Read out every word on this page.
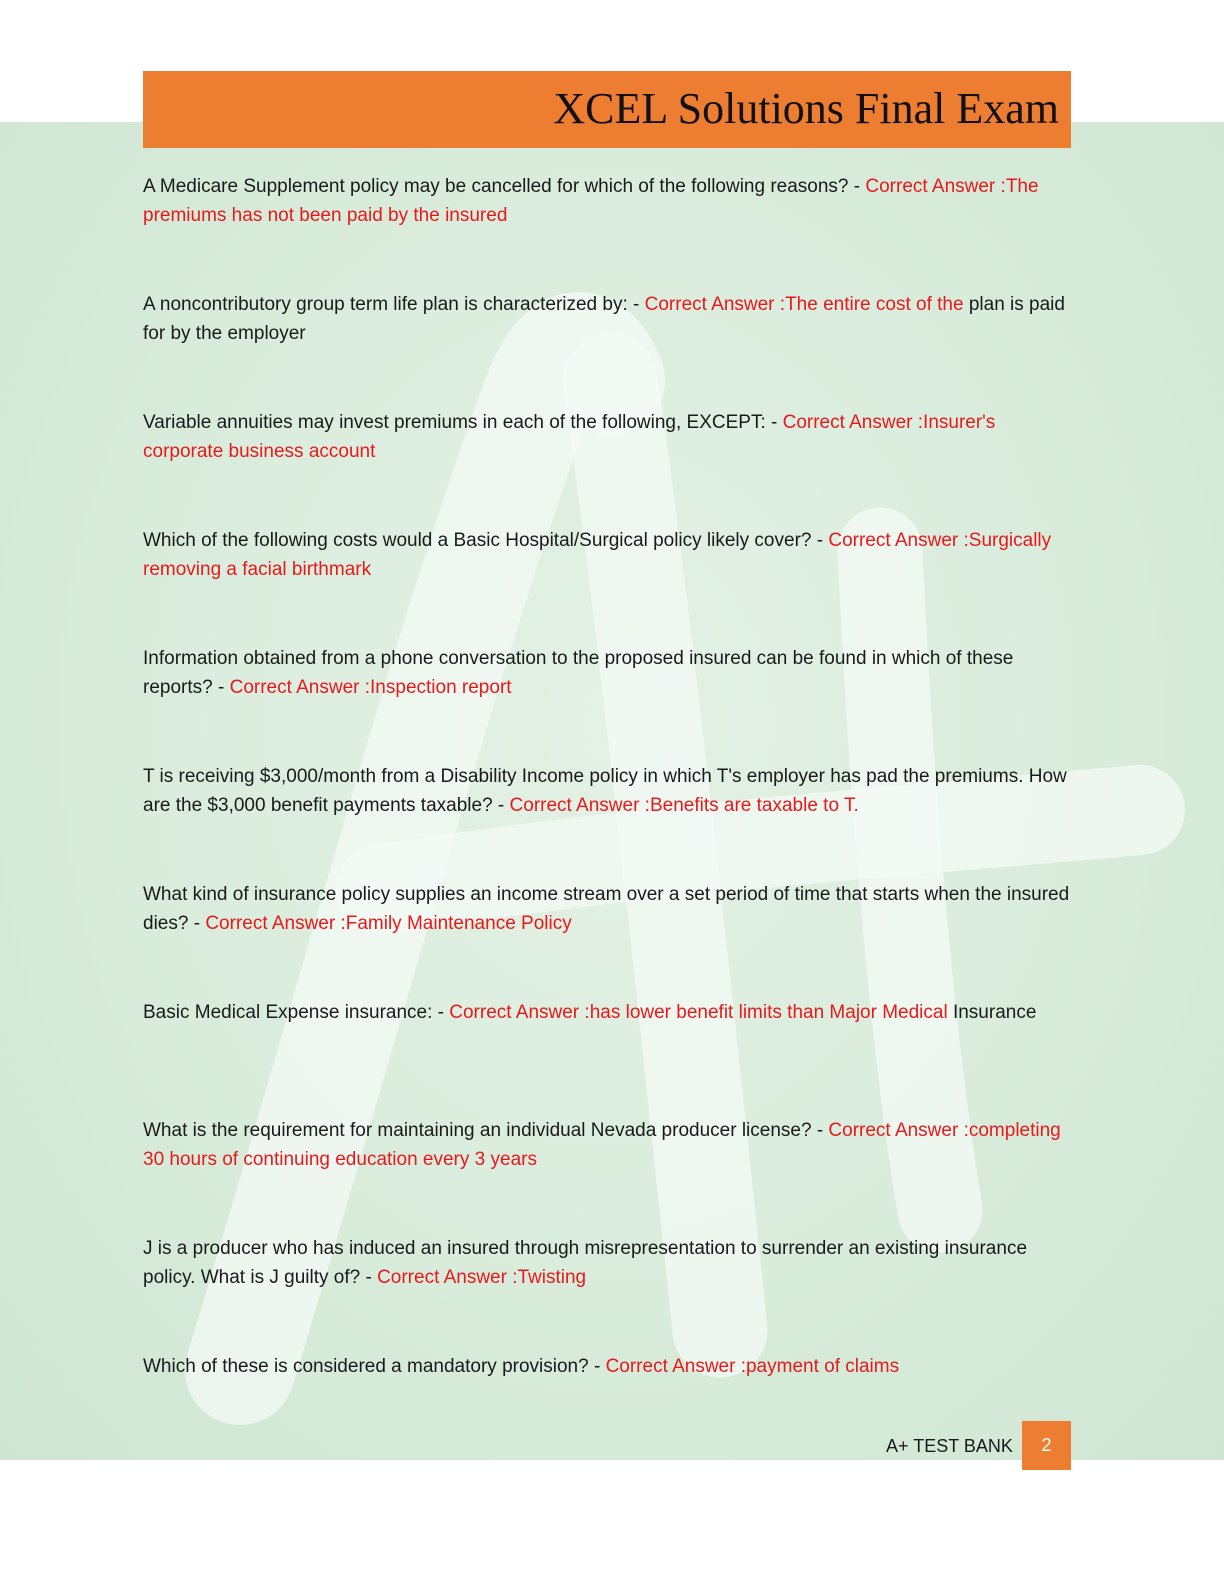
XCEL Solutions Final Exam
A Medicare Supplement policy may be cancelled for which of the following reasons? - Correct Answer :The premiums has not been paid by the insured
A noncontributory group term life plan is characterized by: - Correct Answer :The entire cost of the plan is paid for by the employer
Variable annuities may invest premiums in each of the following, EXCEPT: - Correct Answer :Insurer's corporate business account
Which of the following costs would a Basic Hospital/Surgical policy likely cover? - Correct Answer :Surgically removing a facial birthmark
Information obtained from a phone conversation to the proposed insured can be found in which of these reports? - Correct Answer :Inspection report
T is receiving $3,000/month from a Disability Income policy in which T's employer has pad the premiums. How are the $3,000 benefit payments taxable? - Correct Answer :Benefits are taxable to T.
What kind of insurance policy supplies an income stream over a set period of time that starts when the insured dies? - Correct Answer :Family Maintenance Policy
Basic Medical Expense insurance: - Correct Answer :has lower benefit limits than Major Medical Insurance
What is the requirement for maintaining an individual Nevada producer license? - Correct Answer :completing 30 hours of continuing education every 3 years
J is a producer who has induced an insured through misrepresentation to surrender an existing insurance policy. What is J guilty of? - Correct Answer :Twisting
Which of these is considered a mandatory provision? - Correct Answer :payment of claims
A+ TEST BANK	2
